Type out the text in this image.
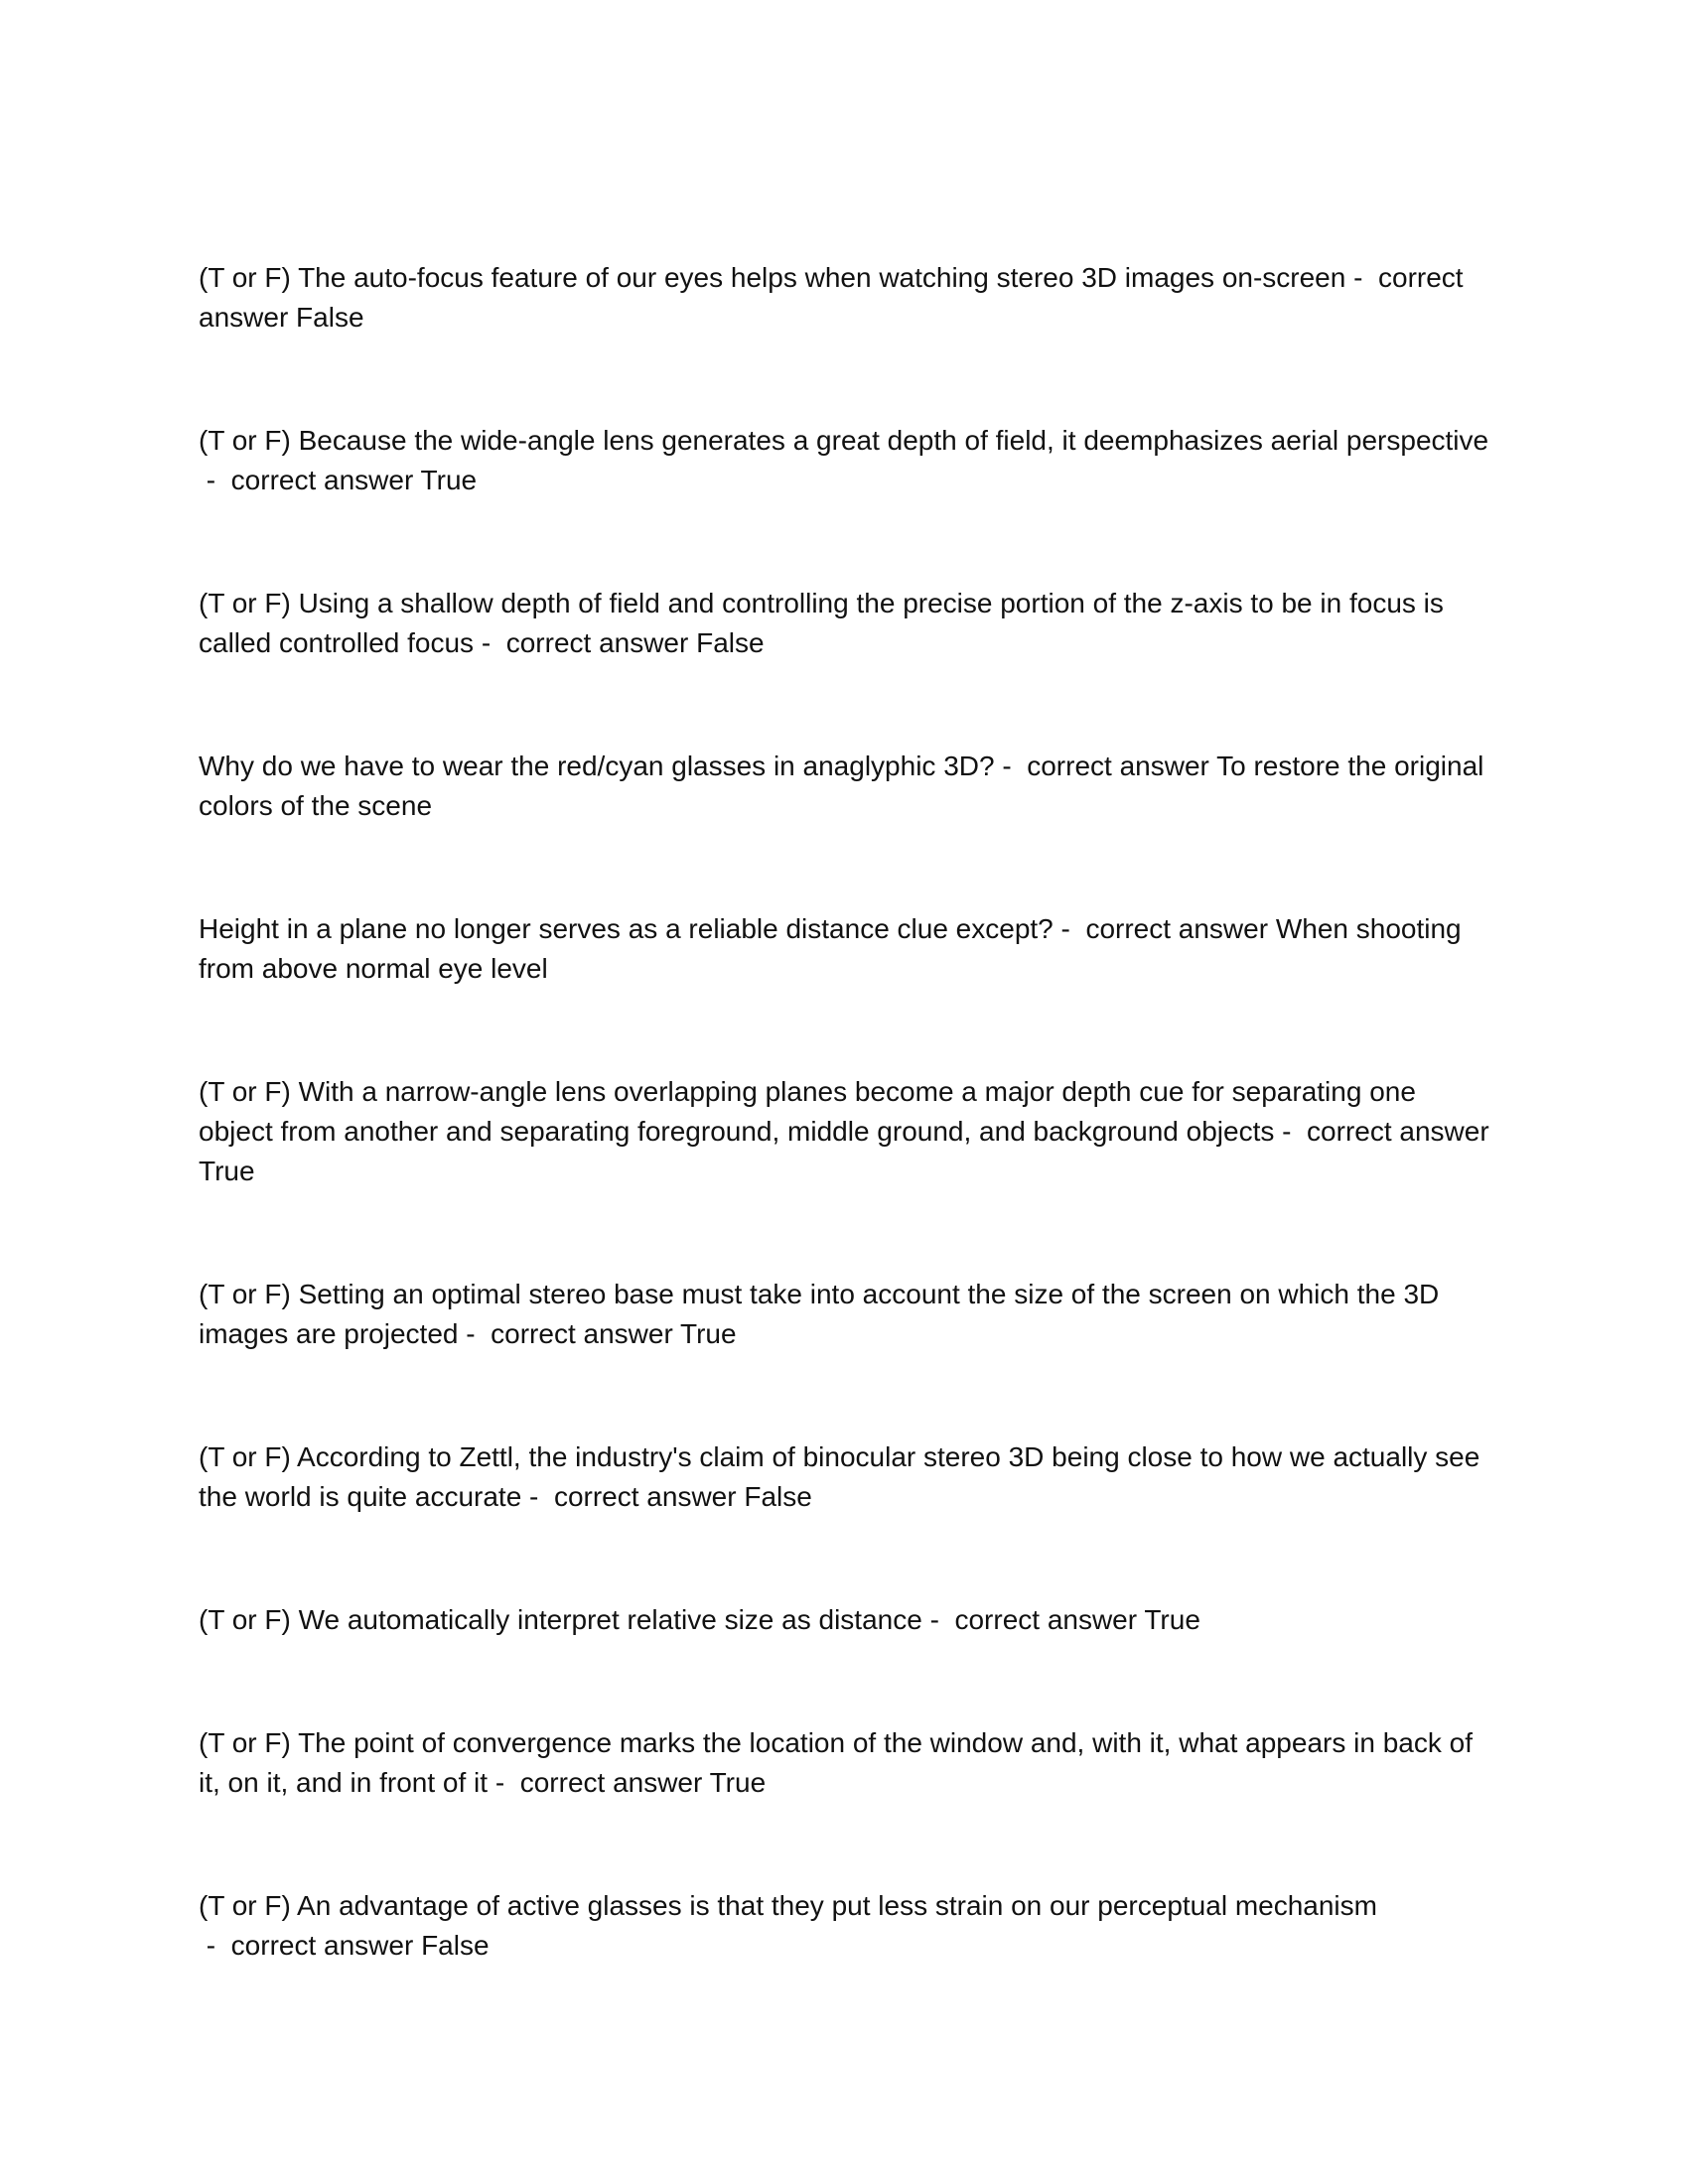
(T or F) The auto-focus feature of our eyes helps when watching stereo 3D images on-screen -  correct answer False

(T or F) Because the wide-angle lens generates a great depth of field, it deemphasizes aerial perspective -  correct answer True

(T or F) Using a shallow depth of field and controlling the precise portion of the z-axis to be in focus is called controlled focus -  correct answer False

Why do we have to wear the red/cyan glasses in anaglyphic 3D? -  correct answer To restore the original colors of the scene

Height in a plane no longer serves as a reliable distance clue except? -  correct answer When shooting from above normal eye level

(T or F) With a narrow-angle lens overlapping planes become a major depth cue for separating one object from another and separating foreground, middle ground, and background objects -  correct answer True

(T or F) Setting an optimal stereo base must take into account the size of the screen on which the 3D images are projected -  correct answer True

(T or F) According to Zettl, the industry's claim of binocular stereo 3D being close to how we actually see the world is quite accurate -  correct answer False

(T or F) We automatically interpret relative size as distance -  correct answer True

(T or F) The point of convergence marks the location of the window and, with it, what appears in back of it, on it, and in front of it -  correct answer True

(T or F) An advantage of active glasses is that they put less strain on our perceptual mechanism -  correct answer False
